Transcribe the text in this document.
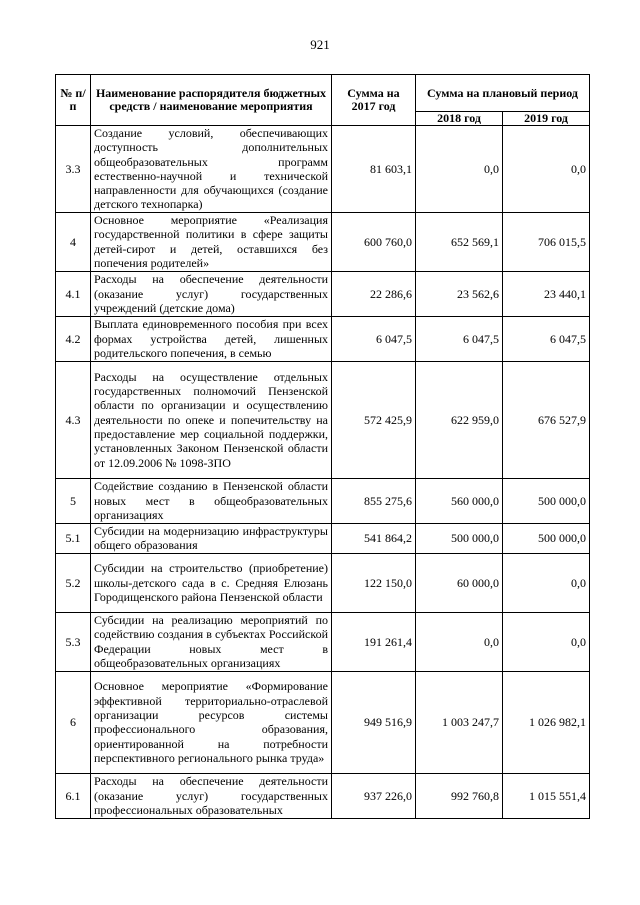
921
№ п/п	Наименование распорядителя бюджетных средств / наименование мероприятия	Сумма на 2017 год	Сумма на плановый период	
			2018 год	2019 год
3.3	Создание условий, обеспечивающих доступность дополнительных общеобразовательных программ естественно-научной и технической направленности для обучающихся (создание детского технопарка)	81 603,1	0,0	0,0
4	Основное мероприятие «Реализация государственной политики в сфере защиты детей-сирот и детей, оставшихся без попечения родителей»	600 760,0	652 569,1	706 015,5
4.1	Расходы на обеспечение деятельности (оказание услуг) государственных учреждений (детские дома)	22 286,6	23 562,6	23 440,1
4.2	Выплата единовременного пособия при всех формах устройства детей, лишенных родительского попечения, в семью	6 047,5	6 047,5	6 047,5
4.3	Расходы на осуществление отдельных государственных полномочий Пензенской области по организации и осуществлению деятельности по опеке и попечительству на предоставление мер социальной поддержки, установленных Законом Пензенской области от 12.09.2006 № 1098-ЗПО	572 425,9	622 959,0	676 527,9
5	Содействие созданию в Пензенской области новых мест в общеобразовательных организациях	855 275,6	560 000,0	500 000,0
5.1	Субсидии на модернизацию инфраструктуры общего образования	541 864,2	500 000,0	500 000,0
5.2	Субсидии на строительство (приобретение) школы-детского сада в с. Средняя Елюзань Городищенского района Пензенской области	122 150,0	60 000,0	0,0
5.3	Субсидии на реализацию мероприятий по содействию создания в субъектах Российской Федерации новых мест в общеобразовательных организациях	191 261,4	0,0	0,0
6	Основное мероприятие «Формирование эффективной территориально-отраслевой организации ресурсов системы профессионального образования, ориентированной на потребности перспективного регионального рынка труда»	949 516,9	1 003 247,7	1 026 982,1
6.1	Расходы на обеспечение деятельности (оказание услуг) государственных профессиональных образовательных	937 226,0	992 760,8	1 015 551,4
